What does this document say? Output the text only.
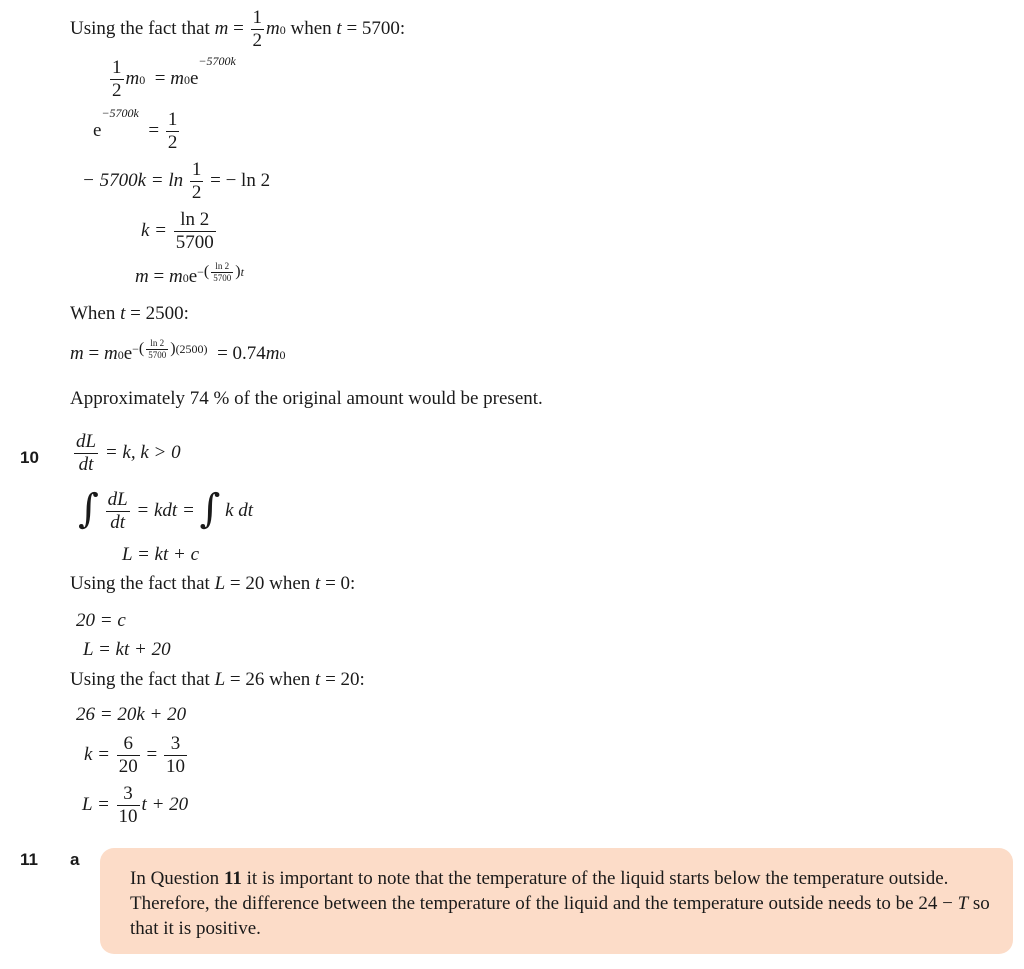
Using the fact that $m = \frac{1}{2} m0$ when t = 5700:
$\frac{1}{2} m0 = m0e^{-5700k}$
$e^{-5700k} = \frac{1}{2}$
− $5700k = \ln \frac{1}{2}$ = − ln 2
$k = \frac{\ln 2}{5700}$
$m = m0e^{-( \frac{\ln 2}{5700} )t}$
When t = 2500:
$m = m0e^{-( \frac{\ln 2}{5700} )(2500)} = 0.74m0$
Approximately 74 % of the original amount would be present.
$10 \frac{dL}{dt} = k$, k > 0
∫ $\frac{dL}{dt}$ = kdt = ∫ k dt
L = kt + c
Using the fact that L = 20 when t = 0:
20 = c
L = kt + 20
Using the fact that L = 26 when t = 20:
26 = 20k + 20
$k = \frac{6}{20} = \frac{3}{10}$
$L = \frac{3}{10}$ t + 20
11 a

In Question 11 it is important to note that the temperature of the liquid starts below the temperature outside. Therefore, the difference between the temperature of the liquid and the temperature outside needs to be 24 − T so that it is positive.
